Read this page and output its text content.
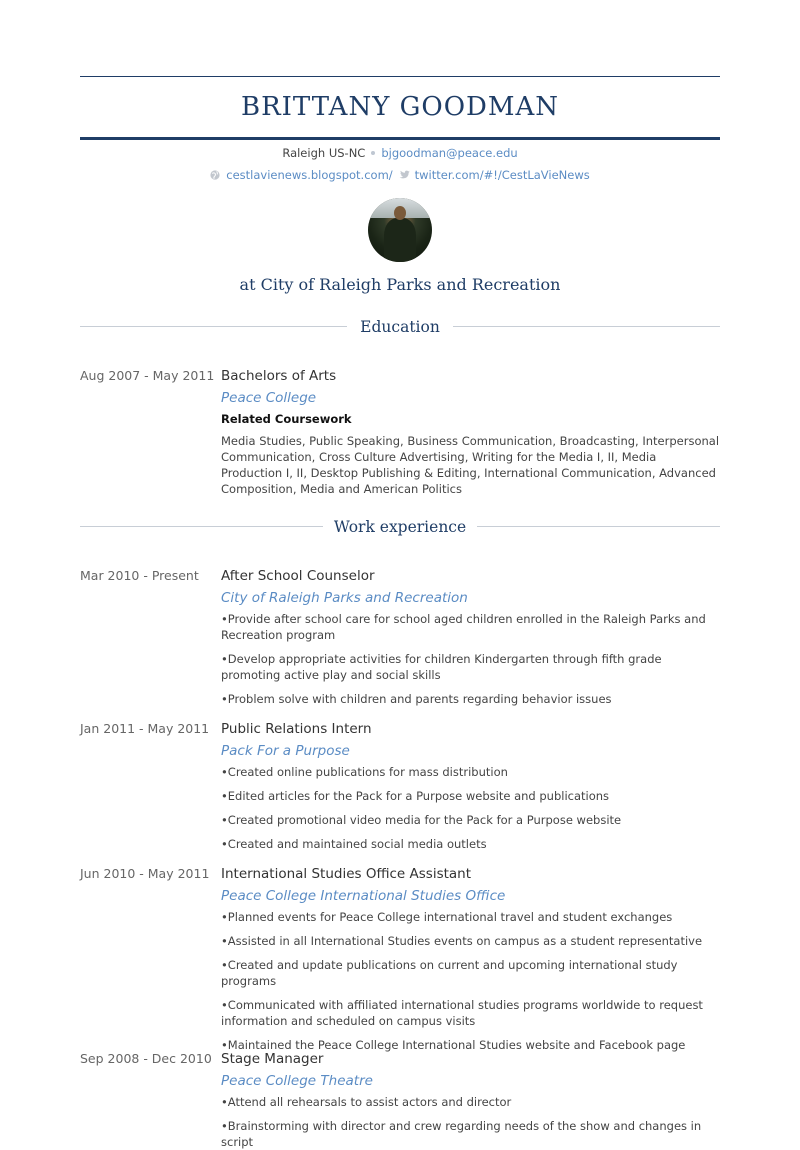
BRITTANY GOODMAN
Raleigh US-NC bjgoodman@peace.edu
cestlavienews.blogspot.com/ twitter.com/#!/CestLaVieNews
at City of Raleigh Parks and Recreation
Education
Aug 2007 - May 2011 Bachelors of Arts
Peace College
Related Coursework
Media Studies, Public Speaking, Business Communication, Broadcasting, Interpersonal Communication, Cross Culture Advertising, Writing for the Media I, II, Media Production I, II, Desktop Publishing & Editing, International Communication, Advanced Composition, Media and American Politics
Work experience
Mar 2010 - Present	After School Counselor
City of Raleigh Parks and Recreation
•Provide after school care for school aged children enrolled in the Raleigh Parks and Recreation program
•Develop appropriate activities for children Kindergarten through fifth grade promoting active play and social skills
•Problem solve with children and parents regarding behavior issues
Jan 2011 - May 2011 Public Relations Intern
Pack For a Purpose
•Created online publications for mass distribution
•Edited articles for the Pack for a Purpose website and publications
•Created promotional video media for the Pack for a Purpose website
•Created and maintained social media outlets
Jun 2010 - May 2011 International Studies Office Assistant
Peace College International Studies Office
•Planned events for Peace College international travel and student exchanges
•Assisted in all International Studies events on campus as a student representative
•Created and update publications on current and upcoming international study programs
•Communicated with affiliated international studies programs worldwide to request information and scheduled on campus visits
•Maintained the Peace College International Studies website and Facebook page
Sep 2008 - Dec 2010 Stage Manager
Peace College Theatre
•Attend all rehearsals to assist actors and director
•Brainstorming with director and crew regarding needs of the show and changes in script
